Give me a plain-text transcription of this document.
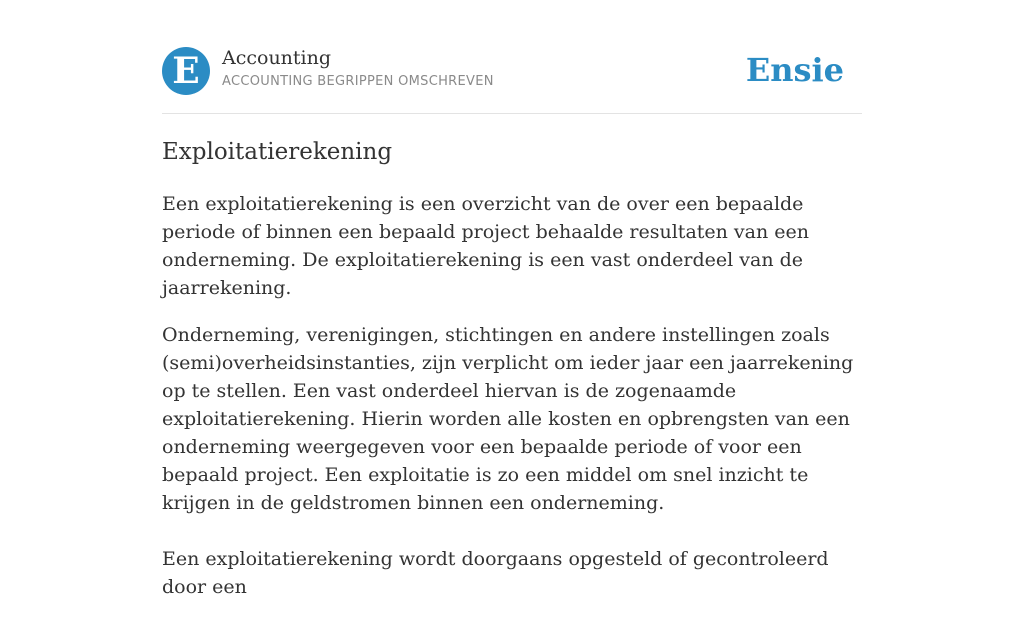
E	Accounting
ACCOUNTING BEGRIPPEN OMSCHREVEN	Ensie
Exploitatierekening

Een exploitatierekening is een overzicht van de over een bepaalde periode of binnen een bepaald project behaalde resultaten van een onderneming. De exploitatierekening is een vast onderdeel van de jaarrekening.

Onderneming, verenigingen, stichtingen en andere instellingen zoals (semi)overheidsinstanties, zijn verplicht om ieder jaar een jaarrekening op te stellen. Een vast onderdeel hiervan is de zogenaamde exploitatierekening. Hierin worden alle kosten en opbrengsten van een onderneming weergegeven voor een bepaalde periode of voor een bepaald project. Een exploitatie is zo een middel om snel inzicht te krijgen in de geldstromen binnen een onderneming.

Een exploitatierekening wordt doorgaans opgesteld of gecontroleerd door een
